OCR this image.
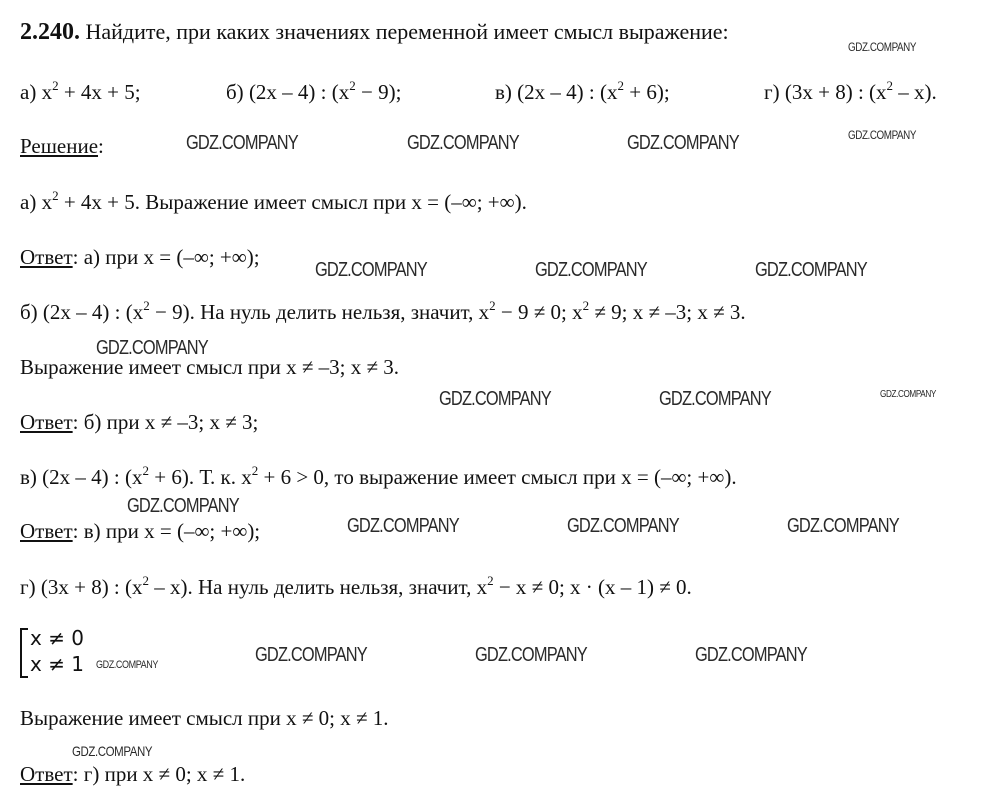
2.240. Найдите, при каких значениях переменной имеет смысл выражение:
а) $x^2 + 4x + 5$;	б) (2x – 4) : $(x^2 - 9)$;	в) (2x – 4) : $(x^2 + 6)$;	г) (3x + 8) : $(x^2 - x)$.
Решение:
а) $x^2 + 4x + 5$. Выражение имеет смысл при x = (–∞; +∞).
Ответ: а) при x = (–∞; +∞);
б) (2x – 4) : $(x^2 - 9)$. На нуль делить нельзя, значит, $x^2 - 9 \ne 0$; $x^2 \ne 9$; x ≠ –3; x ≠ 3.
Выражение имеет смысл при x ≠ –3; x ≠ 3.
Ответ: б) при x ≠ –3; x ≠ 3;
в) (2x – 4) : $(x^2 + 6)$. Т. к. $x^2 + 6 > 0$, то выражение имеет смысл при x = (–∞; +∞).
Ответ: в) при x = (–∞; +∞);
г) (3x + 8) : $(x^2 - x)$. На нуль делить нельзя, значит, $x^2 - x \ne 0$; x · (x – 1) ≠ 0.
x ≠ 0
x ≠ 1
Выражение имеет смысл при x ≠ 0; x ≠ 1.
Ответ: г) при x ≠ 0; x ≠ 1.
GDZ.COMPANY
GDZ.COMPANY
GDZ.COMPANY	GDZ.COMPANY	GDZ.COMPANY
GDZ.COMPANY	GDZ.COMPANY	GDZ.COMPANY
GDZ.COMPANY
GDZ.COMPANY	GDZ.COMPANY	GDZ.COMPANY
GDZ.COMPANY
GDZ.COMPANY	GDZ.COMPANY	GDZ.COMPANY
GDZ.COMPANY	GDZ.COMPANY	GDZ.COMPANY	GDZ.COMPANY
GDZ.COMPANY
